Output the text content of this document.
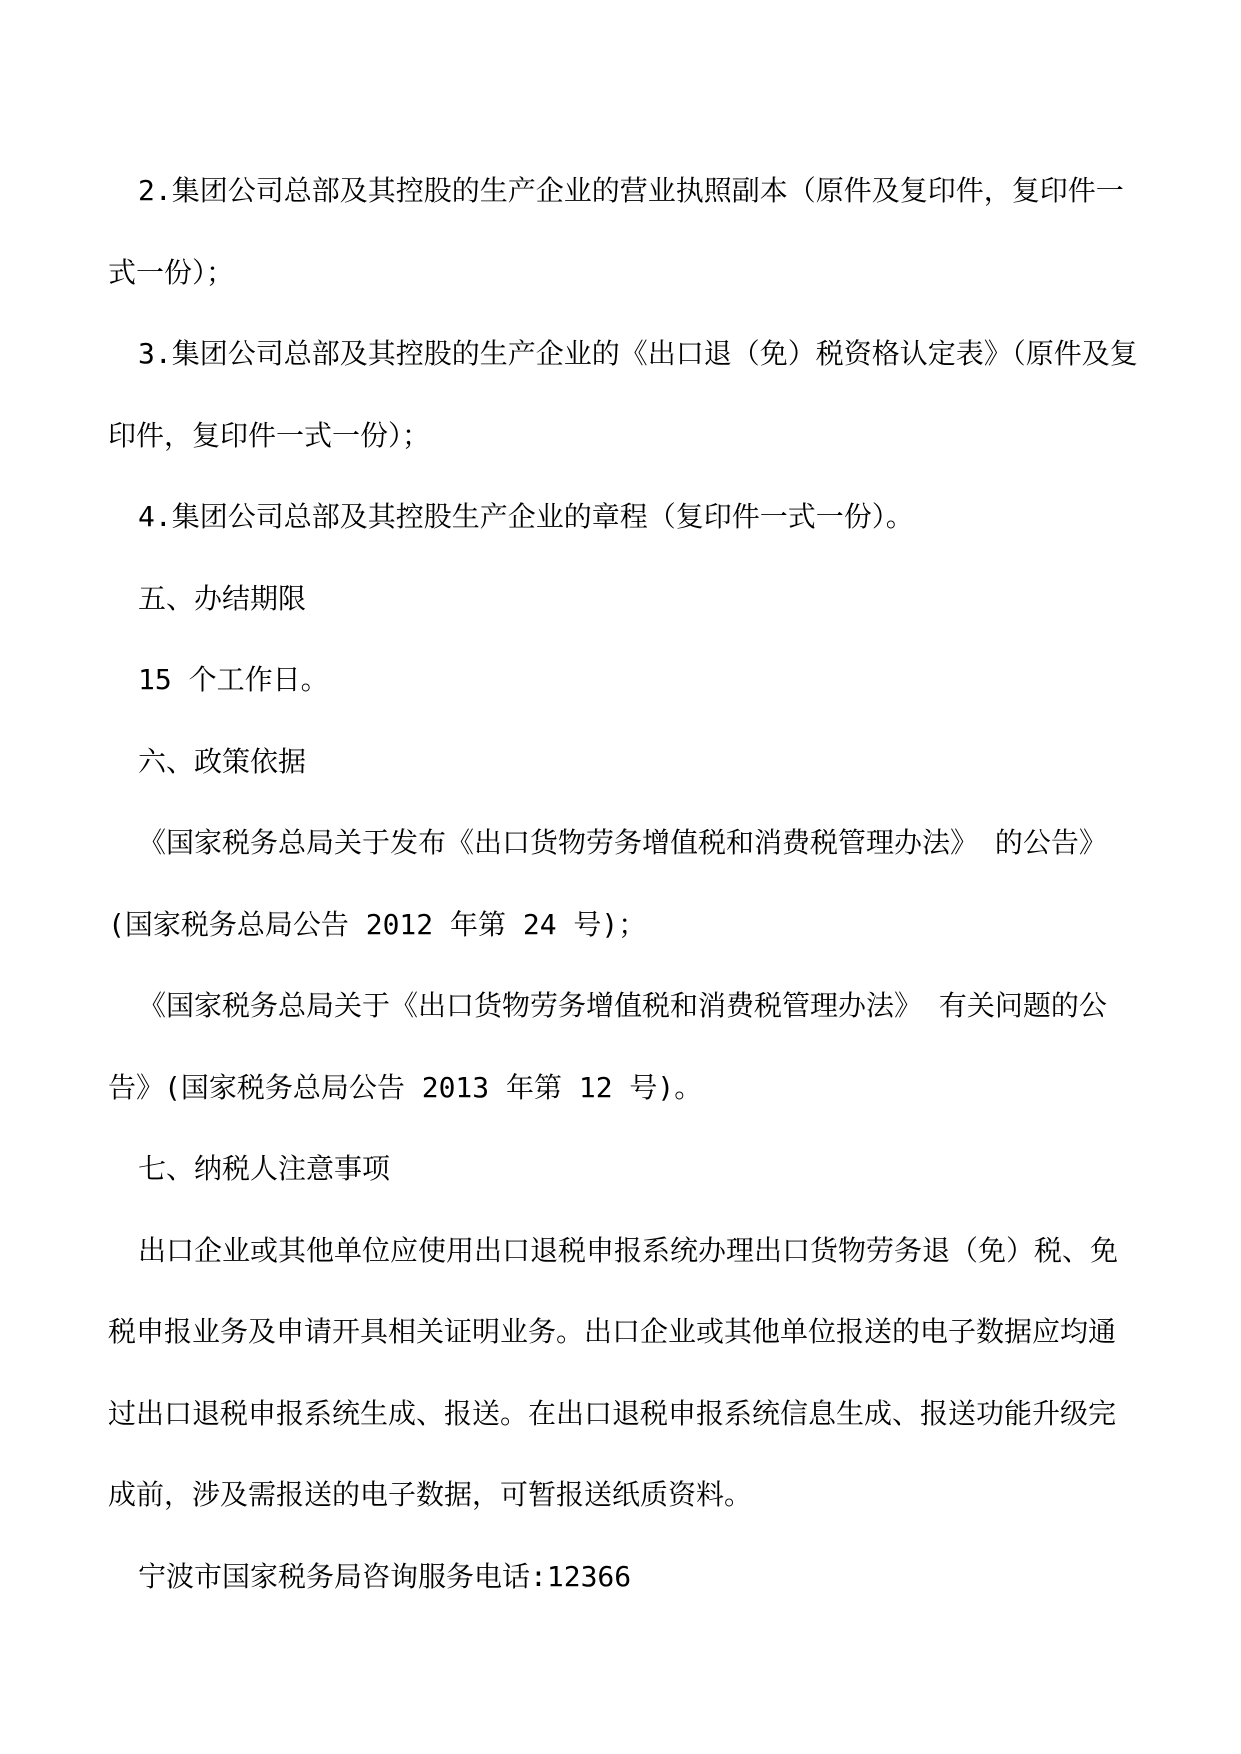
2.集团公司总部及其控股的生产企业的营业执照副本（原件及复印件，复印件一式一份）；

3.集团公司总部及其控股的生产企业的《出口退（免）税资格认定表》（原件及复印件，复印件一式一份）；

4.集团公司总部及其控股生产企业的章程（复印件一式一份）。

五、办结期限

15 个工作日。

六、政策依据

《国家税务总局关于发布《出口货物劳务增值税和消费税管理办法》 的公告》(国家税务总局公告 2012 年第 24 号)；

《国家税务总局关于《出口货物劳务增值税和消费税管理办法》 有关问题的公告》(国家税务总局公告 2013 年第 12 号)。

七、纳税人注意事项

出口企业或其他单位应使用出口退税申报系统办理出口货物劳务退（免）税、免税申报业务及申请开具相关证明业务。出口企业或其他单位报送的电子数据应均通过出口退税申报系统生成、报送。在出口退税申报系统信息生成、报送功能升级完成前，涉及需报送的电子数据，可暂报送纸质资料。

宁波市国家税务局咨询服务电话:12366
